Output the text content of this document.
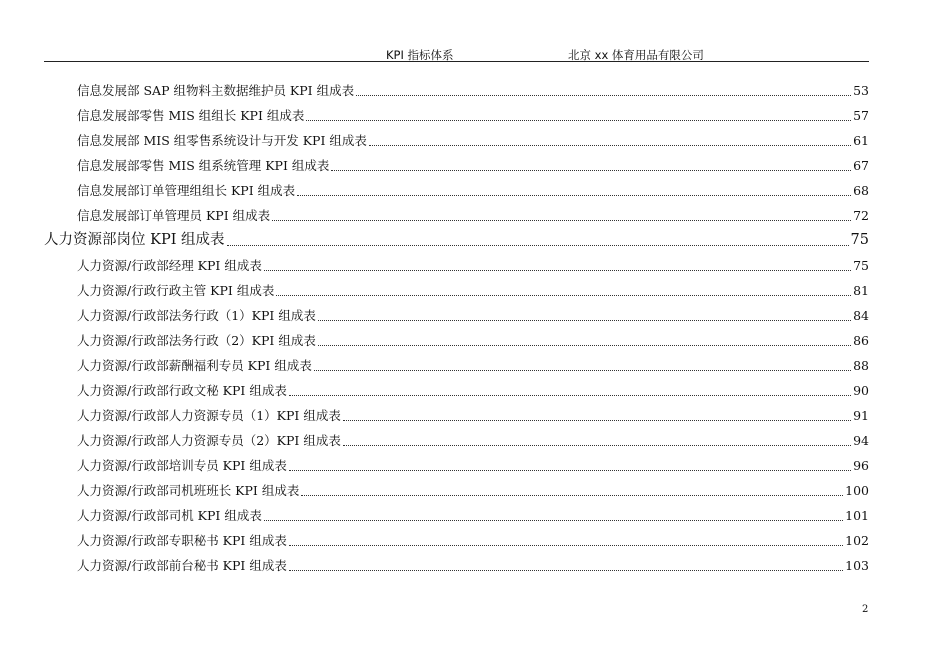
KPI 指标体系	北京 xx 体育用品有限公司
信息发展部 SAP 组物料主数据维护员 KPI 组成表	53
信息发展部零售 MIS 组组长 KPI 组成表	57
信息发展部 MIS 组零售系统设计与开发 KPI 组成表	61
信息发展部零售 MIS 组系统管理 KPI 组成表	67
信息发展部订单管理组组长 KPI 组成表	68
信息发展部订单管理员 KPI 组成表	72
人力资源部岗位 KPI 组成表	75
人力资源/行政部经理 KPI 组成表	75
人力资源/行政行政主管 KPI 组成表	81
人力资源/行政部法务行政（1）KPI 组成表	84
人力资源/行政部法务行政（2）KPI 组成表	86
人力资源/行政部薪酬福利专员 KPI 组成表	88
人力资源/行政部行政文秘 KPI 组成表	90
人力资源/行政部人力资源专员（1）KPI 组成表	91
人力资源/行政部人力资源专员（2）KPI 组成表	94
人力资源/行政部培训专员 KPI 组成表	96
人力资源/行政部司机班班长 KPI 组成表	100
人力资源/行政部司机 KPI 组成表	101
人力资源/行政部专职秘书 KPI 组成表	102
人力资源/行政部前台秘书 KPI 组成表	103
2
